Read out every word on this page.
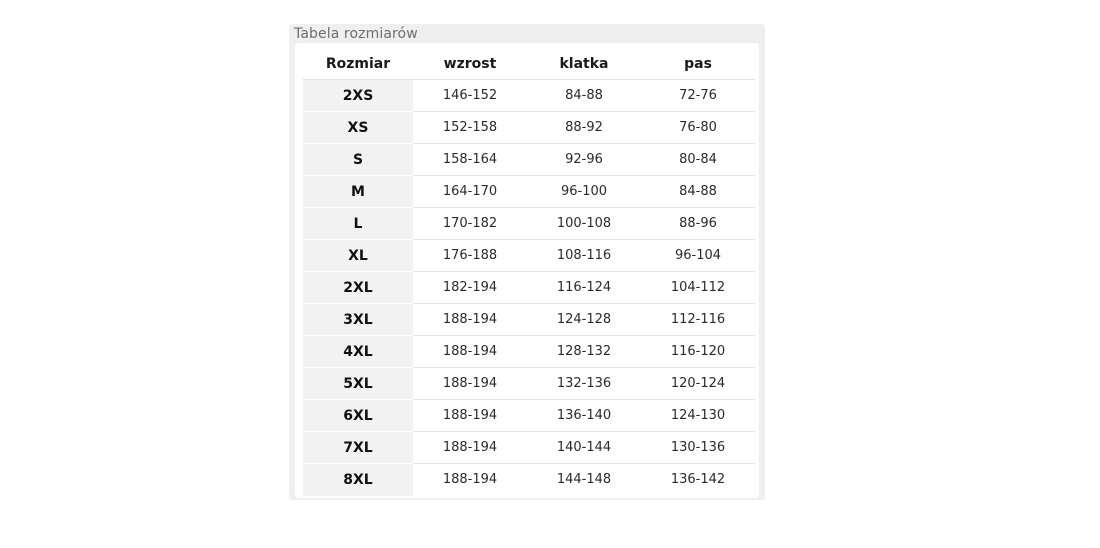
Tabela rozmiarów
Rozmiar	wzrost	klatka	pas
2XS	146-152	84-88	72-76
XS	152-158	88-92	76-80
S	158-164	92-96	80-84
M	164-170	96-100	84-88
L	170-182	100-108	88-96
XL	176-188	108-116	96-104
2XL	182-194	116-124	104-112
3XL	188-194	124-128	112-116
4XL	188-194	128-132	116-120
5XL	188-194	132-136	120-124
6XL	188-194	136-140	124-130
7XL	188-194	140-144	130-136
8XL	188-194	144-148	136-142
